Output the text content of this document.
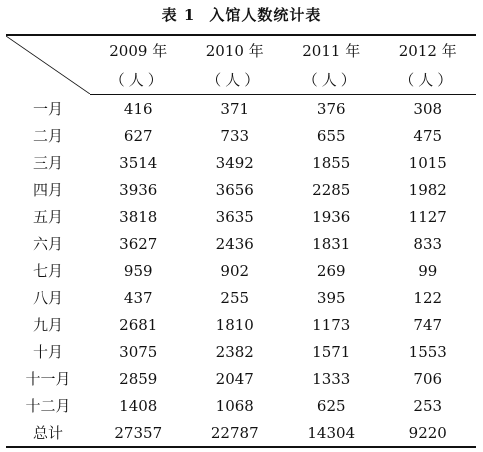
表 1 入馆人数统计表
	2009 年	2010 年	2011 年	2012 年
	（人）	（人）	（人）	（人）
一月	416	371	376	308
二月	627	733	655	475
三月	3514	3492	1855	1015
四月	3936	3656	2285	1982
五月	3818	3635	1936	1127
六月	3627	2436	1831	833
七月	959	902	269	99
八月	437	255	395	122
九月	2681	1810	1173	747
十月	3075	2382	1571	1553
十一月	2859	2047	1333	706
十二月	1408	1068	625	253
总计	27357	22787	14304	9220
